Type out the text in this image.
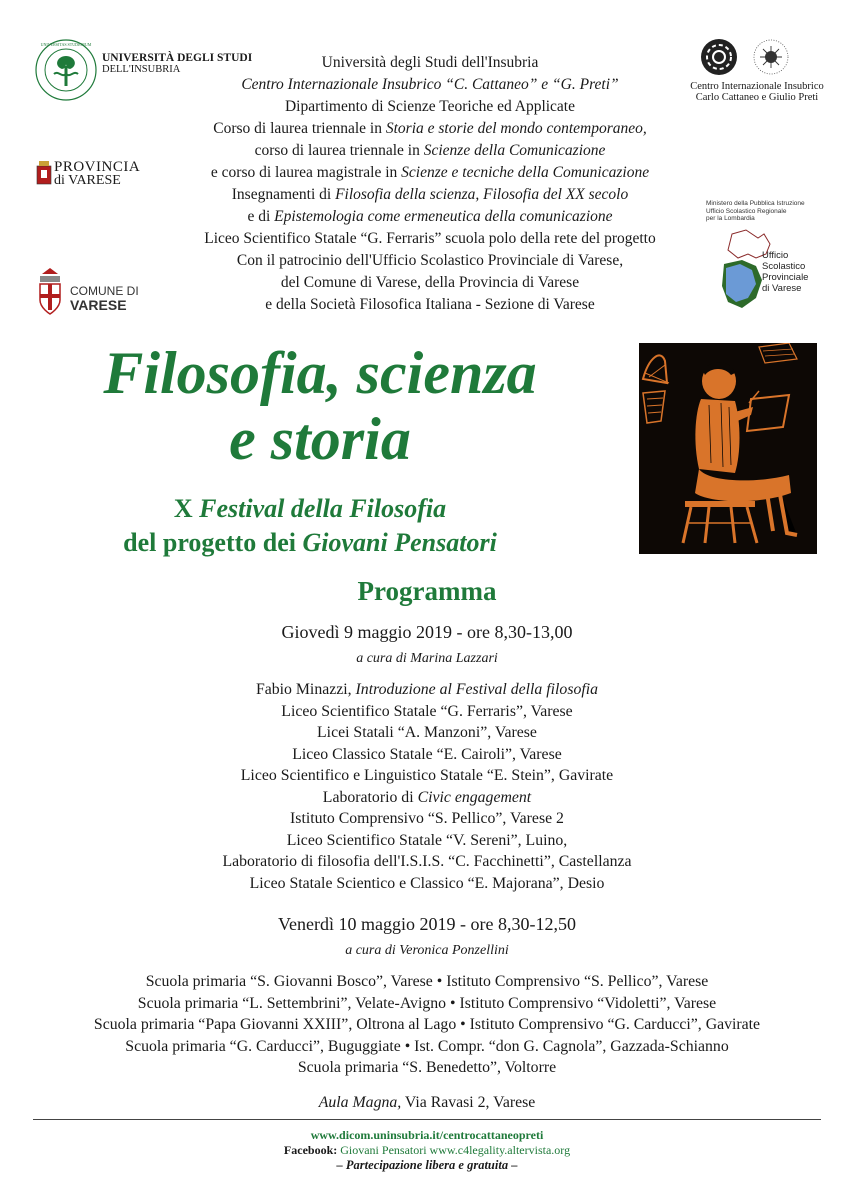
UNIVERSITAS STUDIORUM
UNIVERSITÀ DEGLI STUDI
DELL'INSUBRIA
PROVINCIA
di VARESE
COMUNE DI
VARESE
Centro Internazionale Insubrico
Carlo Cattaneo e Giulio Preti
Ministero della Pubblica Istruzione
Ufficio Scolastico Regionale
per la Lombardia
Ufficio
Scolastico
Provinciale
di Varese
Università degli Studi dell'Insubria
Centro Internazionale Insubrico “C. Cattaneo” e “G. Preti”
Dipartimento di Scienze Teoriche ed Applicate
Corso di laurea triennale in Storia e storie del mondo contemporaneo,
corso di laurea triennale in Scienze della Comunicazione
e corso di laurea magistrale in Scienze e tecniche della Comunicazione
Insegnamenti di Filosofia della scienza, Filosofia del XX secolo
e di Epistemologia come ermeneutica della comunicazione
Liceo Scientifico Statale “G. Ferraris” scuola polo della rete del progetto
Con il patrocinio dell'Ufficio Scolastico Provinciale di Varese,
del Comune di Varese, della Provincia di Varese
e della Società Filosofica Italiana - Sezione di Varese
Filosofia, scienza
e storia
X Festival della Filosofia
del progetto dei Giovani Pensatori
Programma
Giovedì 9 maggio 2019 - ore 8,30-13,00
a cura di Marina Lazzari
Fabio Minazzi, Introduzione al Festival della filosofia
Liceo Scientifico Statale “G. Ferraris”, Varese
Licei Statali “A. Manzoni”, Varese
Liceo Classico Statale “E. Cairoli”, Varese
Liceo Scientifico e Linguistico Statale “E. Stein”, Gavirate
Laboratorio di Civic engagement
Istituto Comprensivo “S. Pellico”, Varese 2
Liceo Scientifico Statale “V. Sereni”, Luino,
Laboratorio di filosofia dell'I.S.I.S. “C. Facchinetti”, Castellanza
Liceo Statale Scientico e Classico “E. Majorana”, Desio
Venerdì 10 maggio 2019 - ore 8,30-12,50
a cura di Veronica Ponzellini
Scuola primaria “S. Giovanni Bosco”, Varese • Istituto Comprensivo “S. Pellico”, Varese
Scuola primaria “L. Settembrini”, Velate-Avigno • Istituto Comprensivo “Vidoletti”, Varese
Scuola primaria “Papa Giovanni XXIII”, Oltrona al Lago • Istituto Comprensivo “G. Carducci”, Gavirate
Scuola primaria “G. Carducci”, Buguggiate • Ist. Compr. “don G. Cagnola”, Gazzada-Schianno
Scuola primaria “S. Benedetto”, Voltorre
Aula Magna, Via Ravasi 2, Varese
www.dicom.uninsubria.it/centrocattaneopreti
Facebook: Giovani Pensatori www.c4legality.altervista.org
– Partecipazione libera e gratuita –
